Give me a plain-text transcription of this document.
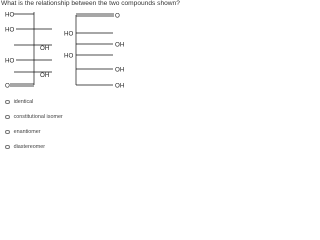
What is the relationship between the two compounds shown?
HO
HO
OH
HO
OH
O
O
HO
OH
HO
OH
OH
identical
constitutional isomer
enantiomer
diastereomer
